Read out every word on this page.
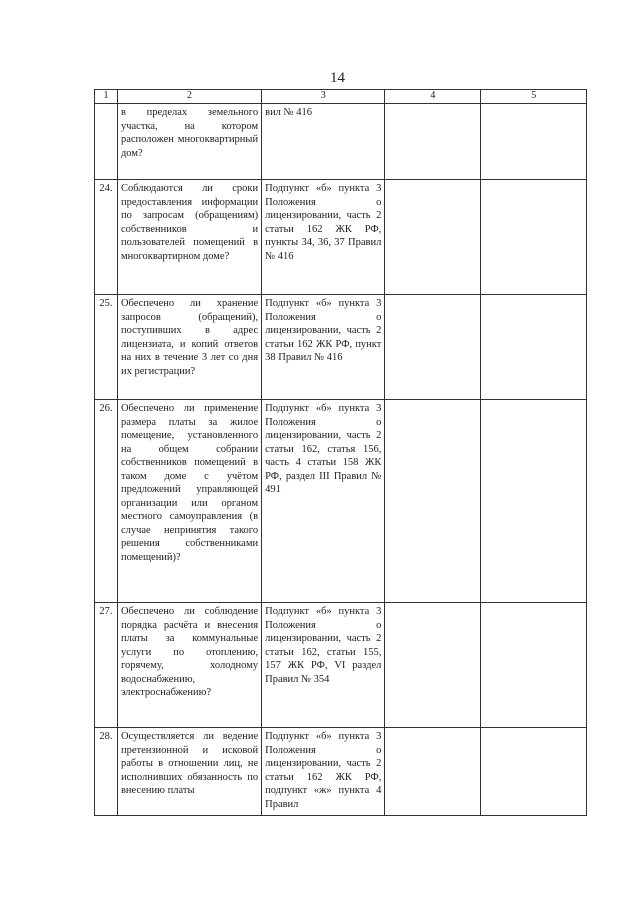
14
1	2	3	4	5
	в пределах земельного участка, на котором расположен многоквартирный дом?	вил № 416		
24.	Соблюдаются ли сроки предоставления информации по запросам (обращениям) собственников и пользователей помещений в многоквартирном доме?	Подпункт «б» пункта 3 Положения о лицензировании, часть 2 статьи 162 ЖК РФ, пункты 34, 36, 37 Правил № 416		
25.	Обеспечено ли хранение запросов (обращений), поступивших в адрес лицензиата, и копий ответов на них в течение 3 лет со дня их регистрации?	Подпункт «б» пункта 3 Положения о лицензировании, часть 2 статьи 162 ЖК РФ, пункт 38 Правил № 416		
26.	Обеспечено ли применение размера платы за жилое помещение, установленного на общем собрании собственников помещений в таком доме с учётом предложений управляющей организации или органом местного самоуправления (в случае непринятия такого решения собственниками помещений)?	Подпункт «б» пункта 3 Положения о лицензировании, часть 2 статьи 162, статья 156, часть 4 статьи 158 ЖК РФ, раздел III Правил № 491		
27.	Обеспечено ли соблюдение порядка расчёта и внесения платы за коммунальные услуги по отоплению, горячему, холодному водоснабжению, электроснабжению?	Подпункт «б» пункта 3 Положения о лицензировании, часть 2 статьи 162, статьи 155, 157 ЖК РФ, VI раздел Правил № 354		
28.	Осуществляется ли ведение претензионной и исковой работы в отношении лиц, не исполнивших обязанность по внесению платы	Подпункт «б» пункта 3 Положения о лицензировании, часть 2 статьи 162 ЖК РФ, подпункт «ж» пункта 4 Правил		
